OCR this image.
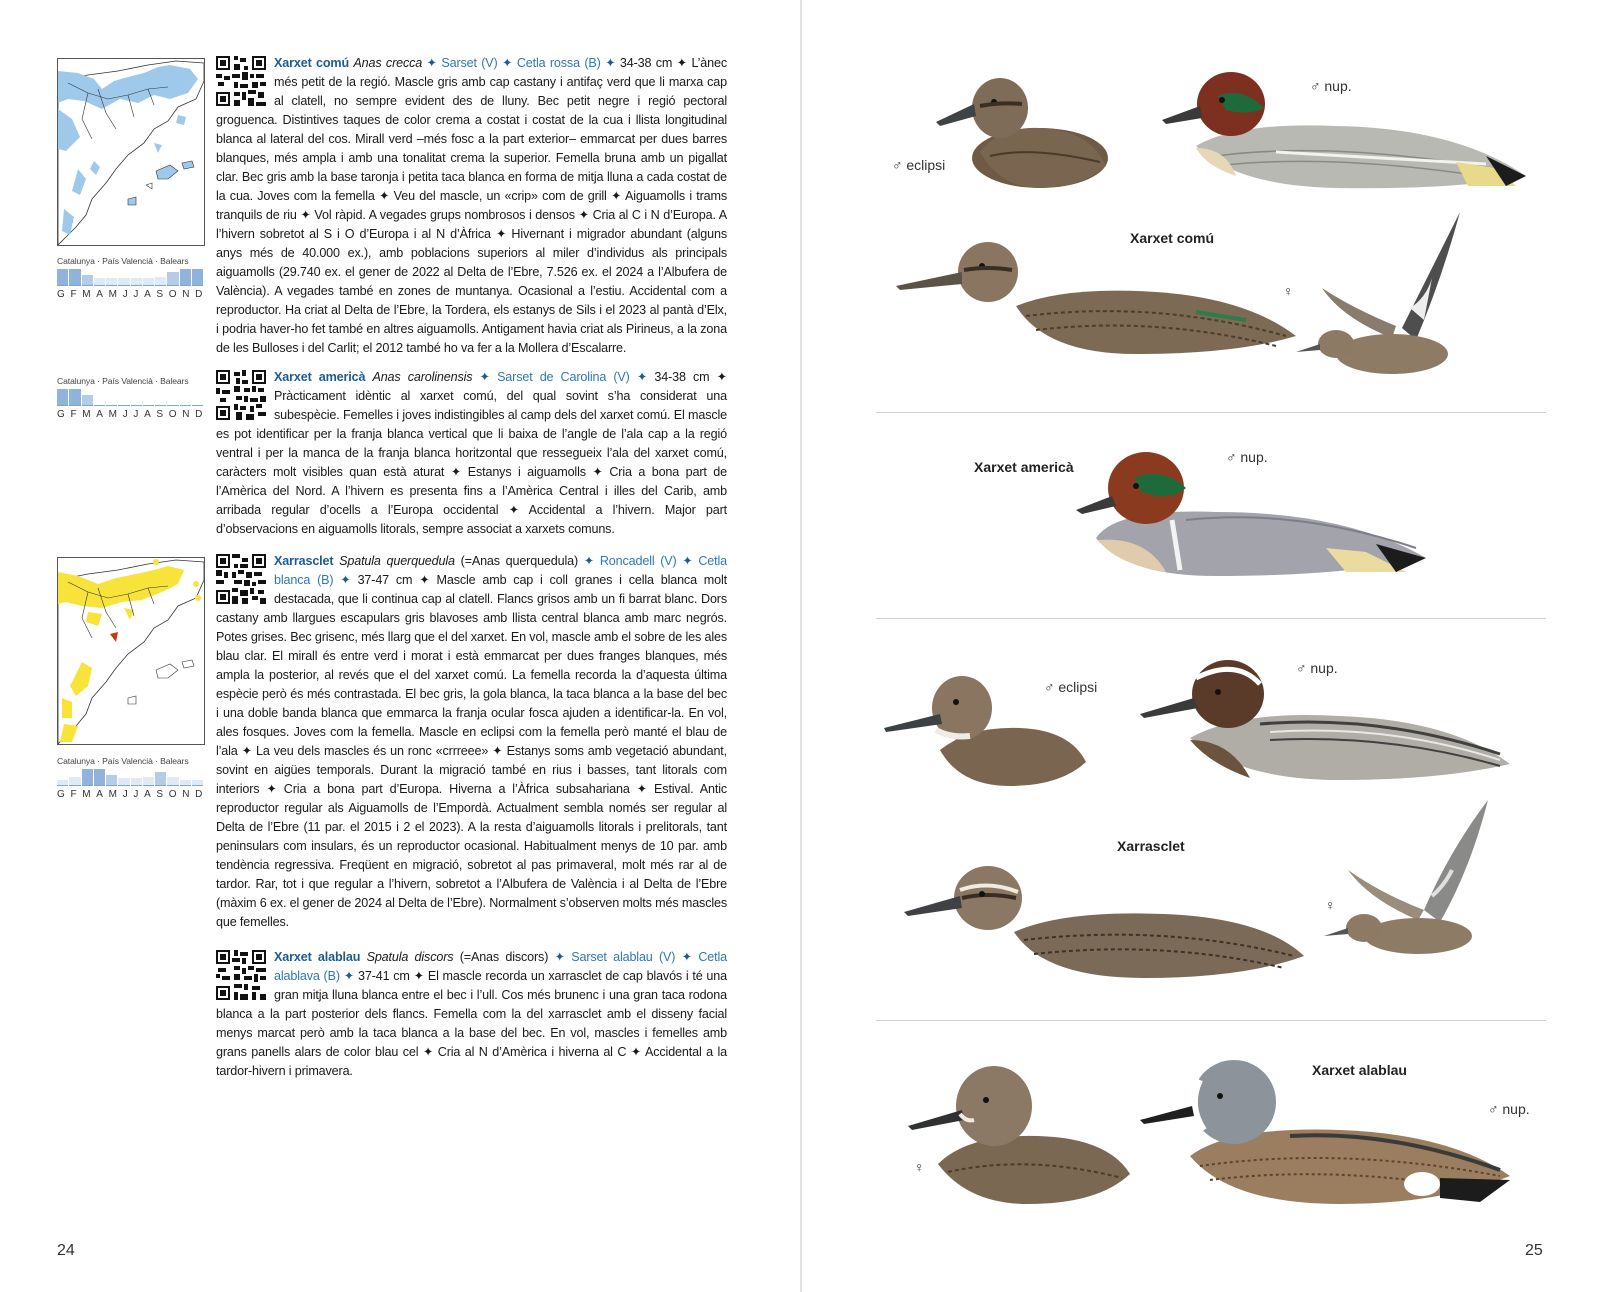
Catalunya · País Valencià · Balears
G F M A M J J A S O N D
Catalunya · País Valencià · Balears
G F M A M J J A S O N D
Catalunya · País Valencià · Balears
G F M A M J J A S O N D
Xarxet comú Anas crecca ✦ Sarset (V) ✦ Cetla rossa (B) ✦ 34-38 cm ✦ L’ànec més petit de la regió. Mascle gris amb cap castany i antifaç verd que li marxa cap al clatell, no sempre evident des de lluny. Bec petit negre i regió pectoral groguenca. Distintives taques de color crema a costat i costat de la cua i llista longitudinal blanca al lateral del cos. Mirall verd –més fosc a la part exterior– emmarcat per dues barres blanques, més ampla i amb una tonalitat crema la superior. Femella bruna amb un pigallat clar. Bec gris amb la base taronja i petita taca blanca en forma de mitja lluna a cada costat de la cua. Joves com la femella ✦ Veu del mascle, un «crip» com de grill ✦ Aiguamolls i trams tranquils de riu ✦ Vol ràpid. A vegades grups nombrosos i densos ✦ Cria al C i N d’Europa. A l’hivern sobretot al S i O d’Europa i al N d’Àfrica ✦ Hivernant i migrador abundant (alguns anys més de 40.000 ex.), amb poblacions superiors al miler d’individus als principals aiguamolls (29.740 ex. el gener de 2022 al Delta de l’Ebre, 7.526 ex. el 2024 a l’Albufera de València). A vegades també en zones de muntanya. Ocasional a l’estiu. Accidental com a reproductor. Ha criat al Delta de l’Ebre, la Tordera, els estanys de Sils i el 2023 al pantà d’Elx, i podria haver-ho fet també en altres aiguamolls. Antigament havia criat als Pirineus, a la zona de les Bulloses i del Carlit; el 2012 també ho va fer a la Mollera d’Escalarre.
Xarxet americà Anas carolinensis ✦ Sarset de Carolina (V) ✦ 34-38 cm ✦ Pràcticament idèntic al xarxet comú, del qual sovint s’ha considerat una subespècie. Femelles i joves indistingibles al camp dels del xarxet comú. El mascle es pot identificar per la franja blanca vertical que li baixa de l’angle de l’ala cap a la regió ventral i per la manca de la franja blanca horitzontal que ressegueix l’ala del xarxet comú, caràcters molt visibles quan està aturat ✦ Estanys i aiguamolls ✦ Cria a bona part de l’Amèrica del Nord. A l’hivern es presenta fins a l’Amèrica Central i illes del Carib, amb arribada regular d’ocells a l’Europa occidental ✦ Accidental a l’hivern. Major part d’observacions en aiguamolls litorals, sempre associat a xarxets comuns.
Xarrasclet Spatula querquedula (=Anas querquedula) ✦ Roncadell (V) ✦ Cetla blanca (B) ✦ 37-47 cm ✦ Mascle amb cap i coll granes i cella blanca molt destacada, que li continua cap al clatell. Flancs grisos amb un fi barrat blanc. Dors castany amb llargues escapulars gris blavoses amb llista central blanca amb marc negrós. Potes grises. Bec grisenc, més llarg que el del xarxet. En vol, mascle amb el sobre de les ales blau clar. El mirall és entre verd i morat i està emmarcat per dues franges blanques, més ampla la posterior, al revés que el del xarxet comú. La femella recorda la d’aquesta última espècie però és més contrastada. El bec gris, la gola blanca, la taca blanca a la base del bec i una doble banda blanca que emmarca la franja ocular fosca ajuden a identificar-la. En vol, ales fosques. Joves com la femella. Mascle en eclipsi com la femella però manté el blau de l’ala ✦ La veu dels mascles és un ronc «crrreee» ✦ Estanys soms amb vegetació abundant, sovint en aigües temporals. Durant la migració també en rius i basses, tant litorals com interiors ✦ Cria a bona part d’Europa. Hiverna a l’Àfrica subsahariana ✦ Estival. Antic reproductor regular als Aiguamolls de l’Empordà. Actualment sembla només ser regular al Delta de l’Ebre (11 par. el 2015 i 2 el 2023). A la resta d’aiguamolls litorals i prelitorals, tant peninsulars com insulars, és un reproductor ocasional. Habitualment menys de 10 par. amb tendència regressiva. Freqüent en migració, sobretot al pas primaveral, molt més rar al de tardor. Rar, tot i que regular a l’hivern, sobretot a l’Albufera de València i al Delta de l’Ebre (màxim 6 ex. el gener de 2024 al Delta de l’Ebre). Normalment s’observen molts més mascles que femelles.
Xarxet alablau Spatula discors (=Anas discors) ✦ Sarset alablau (V) ✦ Cetla alablava (B) ✦ 37-41 cm ✦ El mascle recorda un xarrasclet de cap blavós i té una gran mitja lluna blanca entre el bec i l’ull. Cos més brunenc i una gran taca rodona blanca a la part posterior dels flancs. Femella com la del xarrasclet amb el disseny facial menys marcat però amb la taca blanca a la base del bec. En vol, mascles i femelles amb grans panells alars de color blau cel ✦ Cria al N d’Amèrica i hiverna al C ✦ Accidental a la tardor-hivern i primavera.
24
♂ nup.
♂ eclipsi
Xarxet comú
♀
Xarxet americà
♂ nup.
♂ eclipsi
♂ nup.
Xarrasclet
♀
Xarxet alablau
♂ nup.
♀
25
